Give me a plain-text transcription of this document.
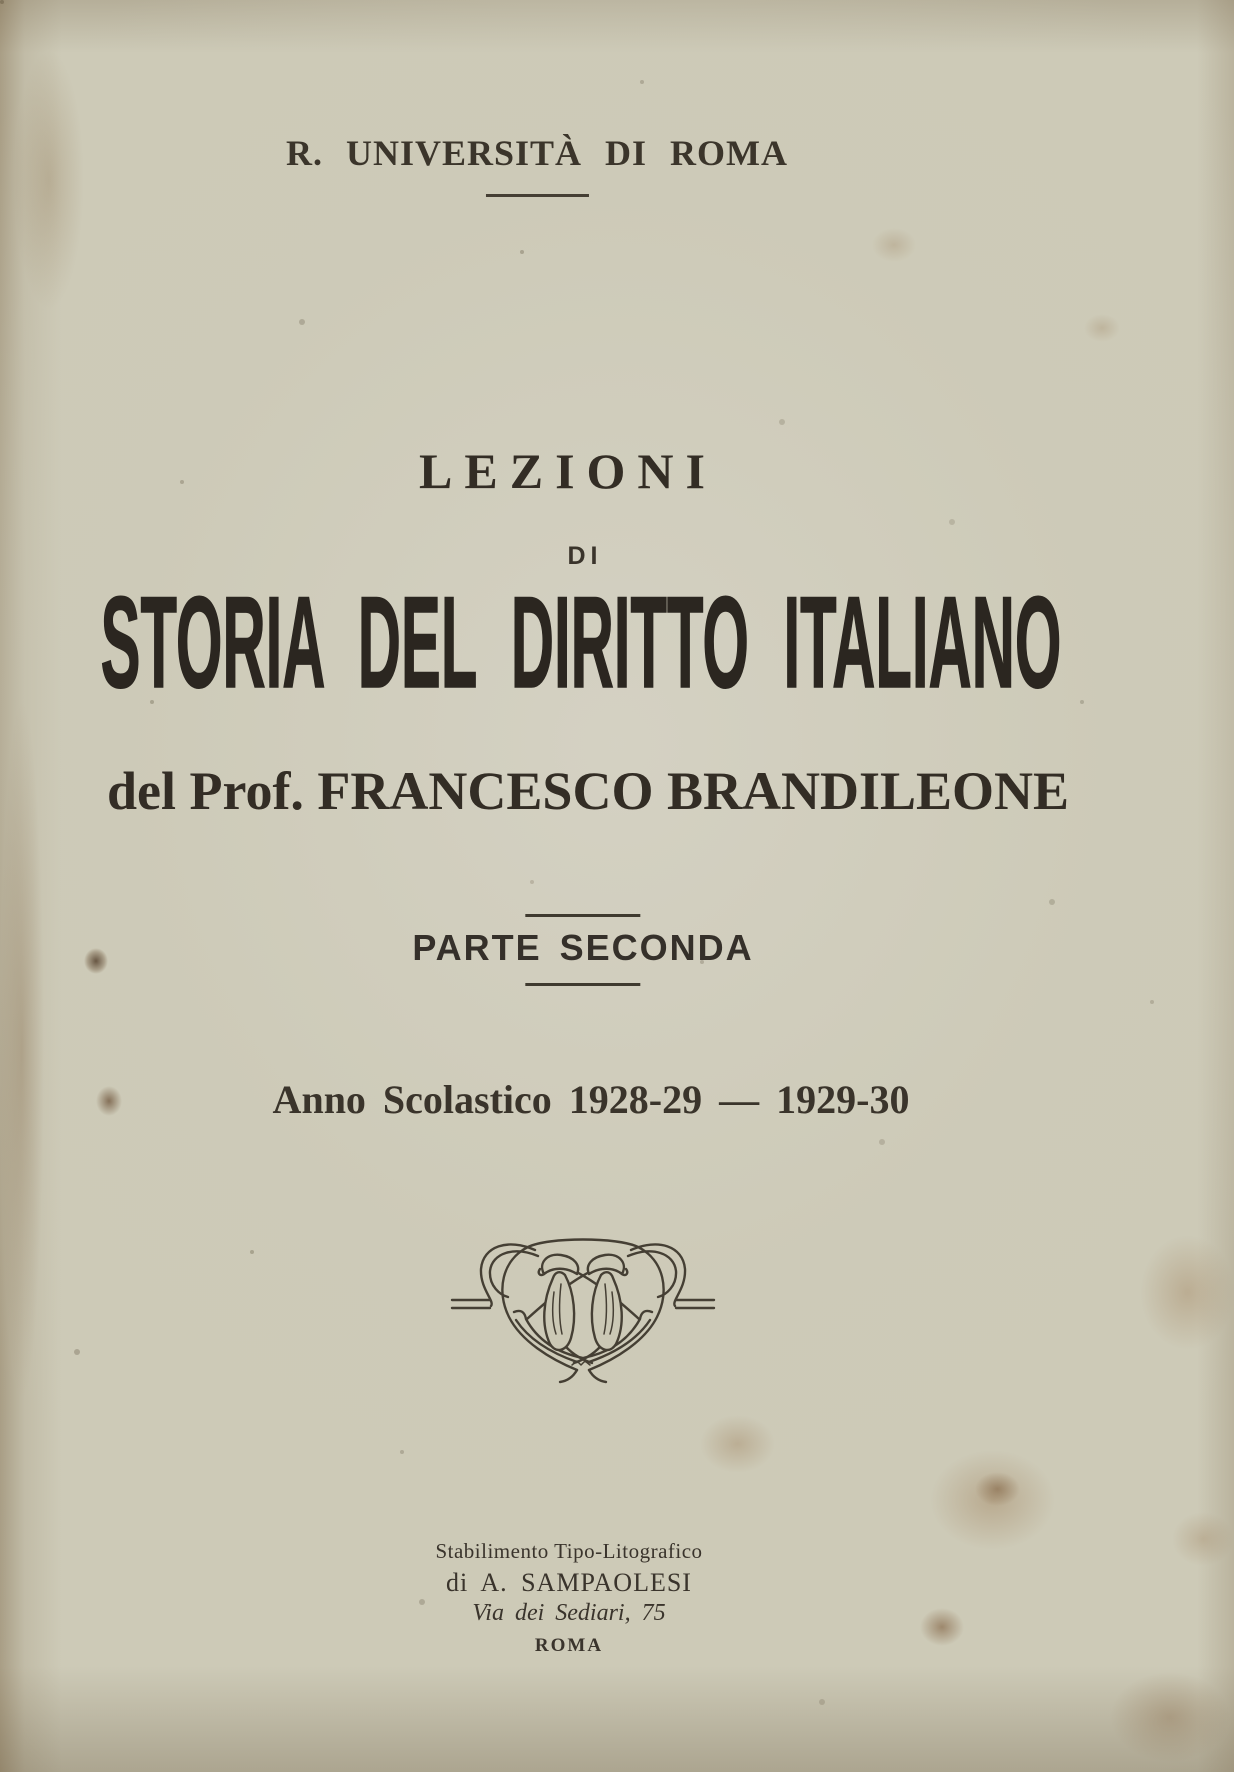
R. UNIVERSITÀ DI ROMA
LEZIONI
DI
STORIA DEL DIRITTO ITALIANO
del Prof. FRANCESCO BRANDILEONE
PARTE SECONDA
Anno Scolastico 1928-29 — 1929-30
Stabilimento Tipo-Litografico
di A. SAMPAOLESI
Via dei Sediari, 75
ROMA
